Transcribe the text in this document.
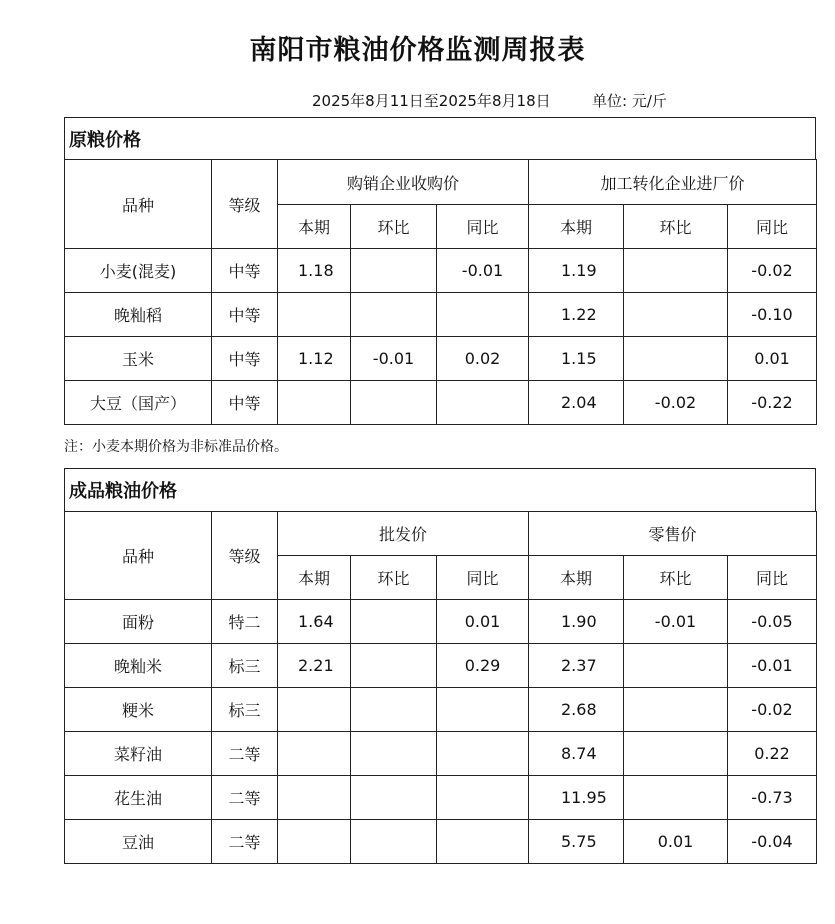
南阳市粮油价格监测周报表
2025年8月11日至2025年8月18日	单位: 元/斤
原粮价格
品种	等级	购销企业收购价			加工转化企业进厂价		
		本期	环比	同比	本期	环比	同比
小麦(混麦)	中等	1.18		-0.01	1.19		-0.02
晚籼稻	中等				1.22		-0.10
玉米	中等	1.12	-0.01	0.02	1.15		0.01
大豆（国产）	中等				2.04	-0.02	-0.22
注：小麦本期价格为非标准品价格。
成品粮油价格
品种	等级	批发价			零售价		
		本期	环比	同比	本期	环比	同比
面粉	特二	1.64		0.01	1.90	-0.01	-0.05
晚籼米	标三	2.21		0.29	2.37		-0.01
粳米	标三				2.68		-0.02
菜籽油	二等				8.74		0.22
花生油	二等				11.95		-0.73
豆油	二等				5.75	0.01	-0.04
